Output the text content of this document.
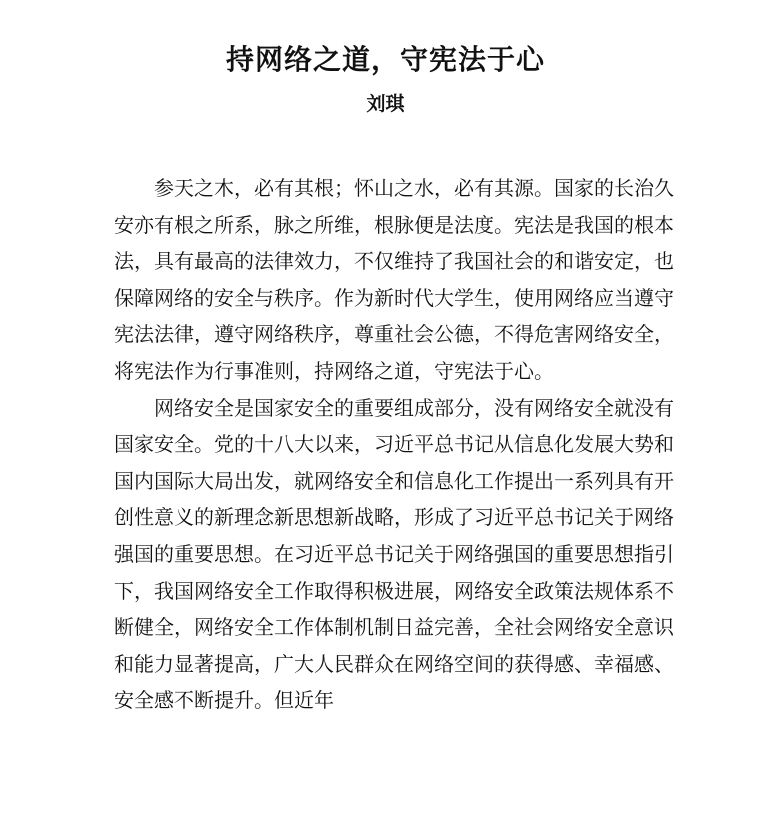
持网络之道，守宪法于心
刘琪

参天之木，必有其根；怀山之水，必有其源。国家的长治久安亦有根之所系，脉之所维，根脉便是法度。宪法是我国的根本法，具有最高的法律效力，不仅维持了我国社会的和谐安定，也保障网络的安全与秩序。作为新时代大学生，使用网络应当遵守宪法法律，遵守网络秩序，尊重社会公德，不得危害网络安全，将宪法作为行事准则，持网络之道，守宪法于心。

网络安全是国家安全的重要组成部分，没有网络安全就没有国家安全。党的十八大以来，习近平总书记从信息化发展大势和国内国际大局出发，就网络安全和信息化工作提出一系列具有开创性意义的新理念新思想新战略，形成了习近平总书记关于网络强国的重要思想。在习近平总书记关于网络强国的重要思想指引下，我国网络安全工作取得积极进展，网络安全政策法规体系不断健全，网络安全工作体制机制日益完善，全社会网络安全意识和能力显著提高，广大人民群众在网络空间的获得感、幸福感、安全感不断提升。但近年
